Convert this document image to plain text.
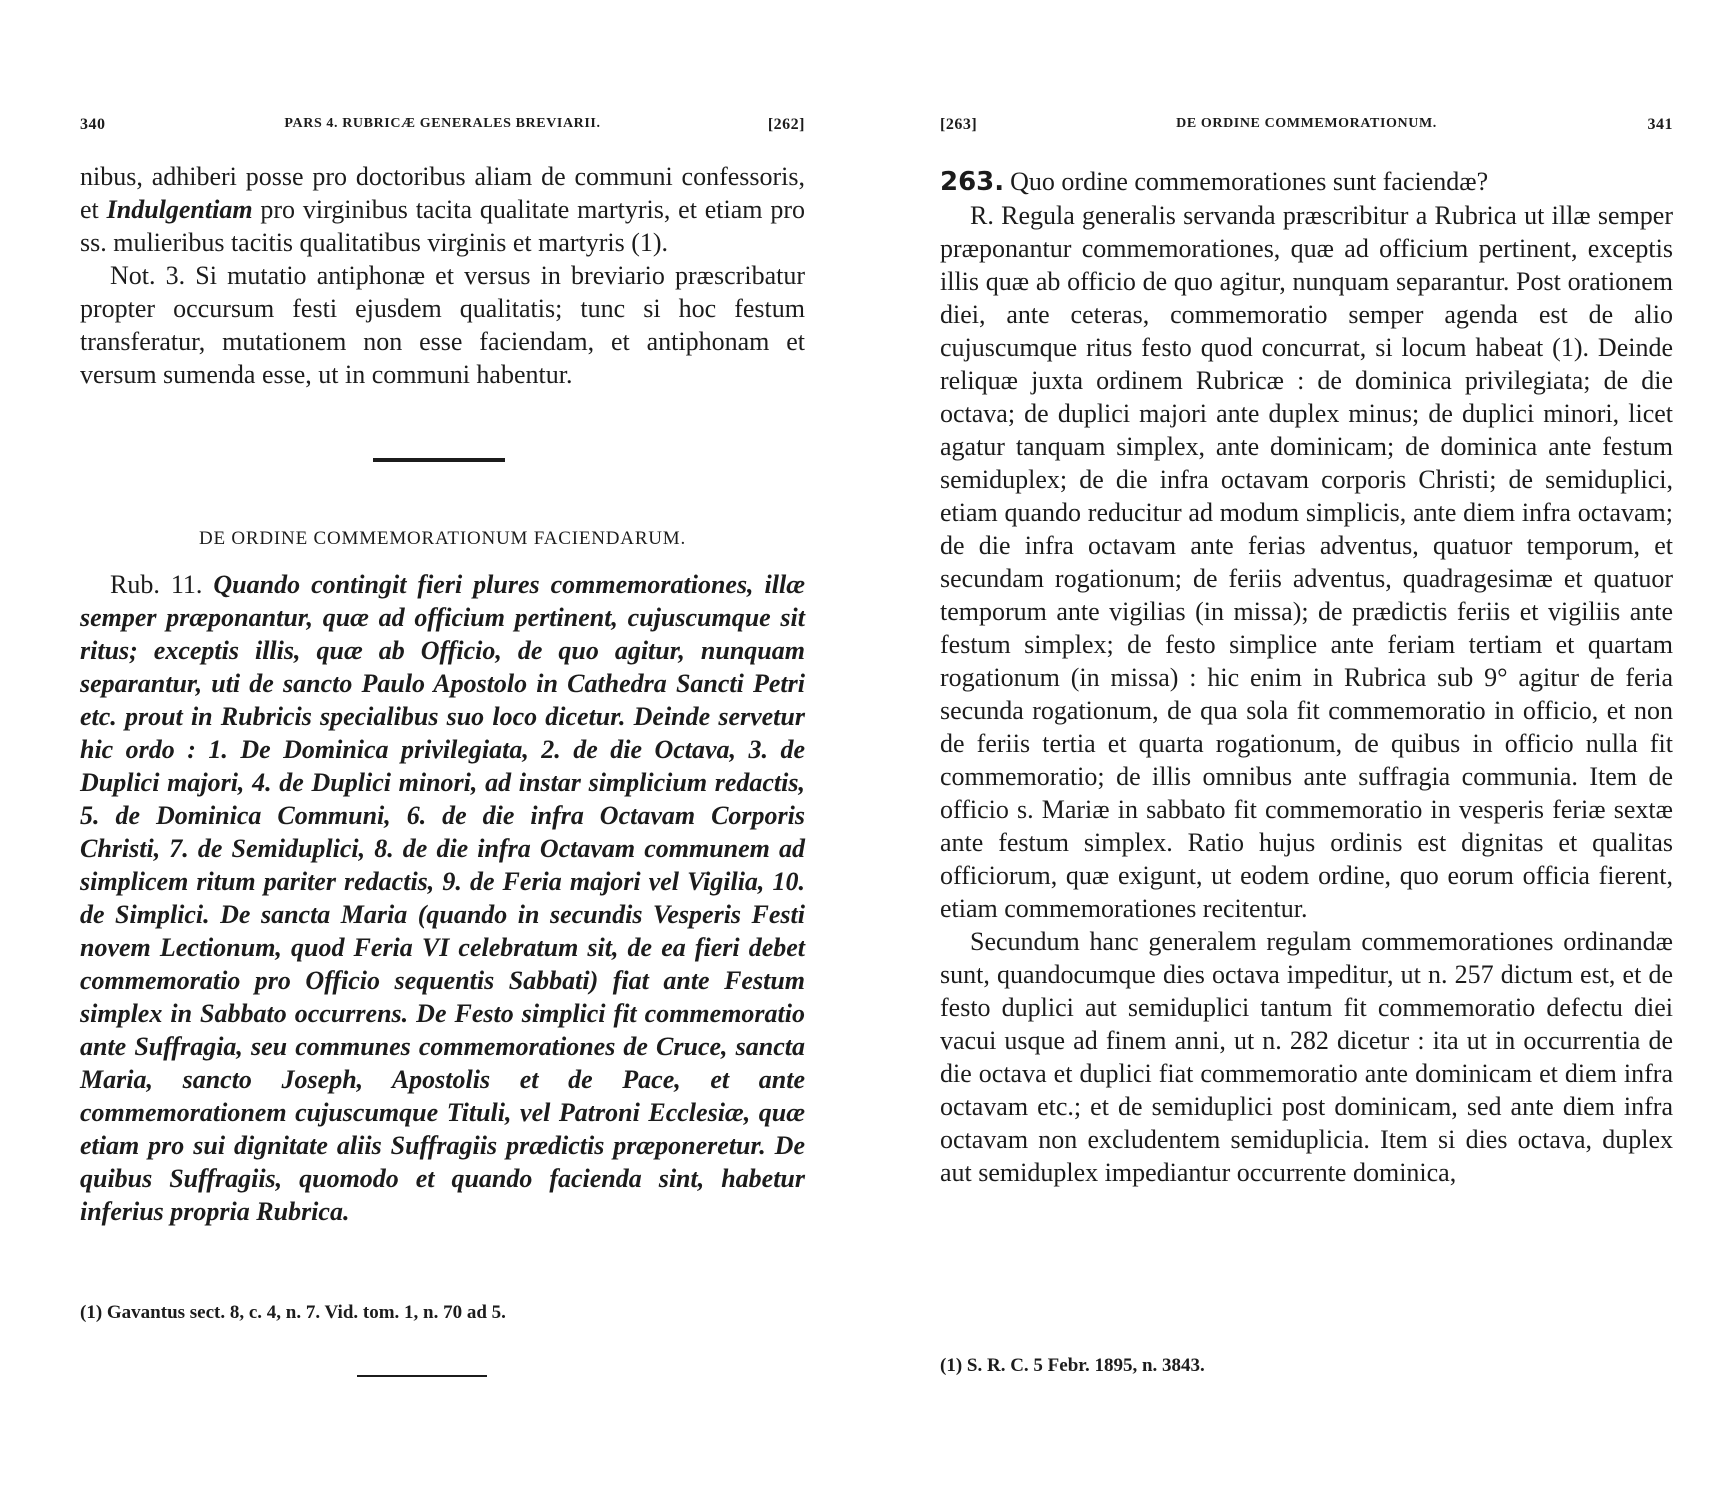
340	PARS 4. RUBRICÆ GENERALES BREVIARII.	[262]

nibus, adhiberi posse pro doctoribus aliam de communi confessoris, et Indulgentiam pro virginibus tacita qualitate martyris, et etiam pro ss. mulieribus tacitis qualitatibus virginis et martyris (1).

Not. 3. Si mutatio antiphonæ et versus in breviario præscribatur propter occursum festi ejusdem qualitatis; tunc si hoc festum transferatur, mutationem non esse faciendam, et antiphonam et versum sumenda esse, ut in communi habentur.

DE ORDINE COMMEMORATIONUM FACIENDARUM.

Rub. 11. Quando contingit fieri plures commemorationes, illæ semper præponantur, quæ ad officium pertinent, cujuscumque sit ritus; exceptis illis, quæ ab Officio, de quo agitur, nunquam separantur, uti de sancto Paulo Apostolo in Cathedra Sancti Petri etc. prout in Rubricis specialibus suo loco dicetur. Deinde servetur hic ordo : 1. De Dominica privilegiata, 2. de die Octava, 3. de Duplici majori, 4. de Duplici minori, ad instar simplicium redactis, 5. de Dominica Communi, 6. de die infra Octavam Corporis Christi, 7. de Semiduplici, 8. de die infra Octavam communem ad simplicem ritum pariter redactis, 9. de Feria majori vel Vigilia, 10. de Simplici. De sancta Maria (quando in secundis Vesperis Festi novem Lectionum, quod Feria VI celebratum sit, de ea fieri debet commemoratio pro Officio sequentis Sabbati) fiat ante Festum simplex in Sabbato occurrens. De Festo simplici fit commemoratio ante Suffragia, seu communes commemorationes de Cruce, sancta Maria, sancto Joseph, Apostolis et de Pace, et ante commemorationem cujuscumque Tituli, vel Patroni Ecclesiæ, quæ etiam pro sui dignitate aliis Suffragiis prædictis præponeretur. De quibus Suffragiis, quomodo et quando facienda sint, habetur inferius propria Rubrica.

(1) Gavantus sect. 8, c. 4, n. 7. Vid. tom. 1, n. 70 ad 5.
[263]	DE ORDINE COMMEMORATIONUM.	341

263. Quo ordine commemorationes sunt faciendæ?

R. Regula generalis servanda præscribitur a Rubrica ut illæ semper præponantur commemorationes, quæ ad officium pertinent, exceptis illis quæ ab officio de quo agitur, nunquam separantur. Post orationem diei, ante ceteras, commemoratio semper agenda est de alio cujuscumque ritus festo quod concurrat, si locum habeat (1). Deinde reliquæ juxta ordinem Rubricæ : de dominica privilegiata; de die octava; de duplici majori ante duplex minus; de duplici minori, licet agatur tanquam simplex, ante dominicam; de dominica ante festum semiduplex; de die infra octavam corporis Christi; de semiduplici, etiam quando reducitur ad modum simplicis, ante diem infra octavam; de die infra octavam ante ferias adventus, quatuor temporum, et secundam rogationum; de feriis adventus, quadragesimæ et quatuor temporum ante vigilias (in missa); de prædictis feriis et vigiliis ante festum simplex; de festo simplice ante feriam tertiam et quartam rogationum (in missa) : hic enim in Rubrica sub 9° agitur de feria secunda rogationum, de qua sola fit commemoratio in officio, et non de feriis tertia et quarta rogationum, de quibus in officio nulla fit commemoratio; de illis omnibus ante suffragia communia. Item de officio s. Mariæ in sabbato fit commemoratio in vesperis feriæ sextæ ante festum simplex. Ratio hujus ordinis est dignitas et qualitas officiorum, quæ exigunt, ut eodem ordine, quo eorum officia fierent, etiam commemorationes recitentur.

Secundum hanc generalem regulam commemorationes ordinandæ sunt, quandocumque dies octava impeditur, ut n. 257 dictum est, et de festo duplici aut semiduplici tantum fit commemoratio defectu diei vacui usque ad finem anni, ut n. 282 dicetur : ita ut in occurrentia de die octava et duplici fiat commemoratio ante dominicam et diem infra octavam etc.; et de semiduplici post dominicam, sed ante diem infra octavam non excludentem semiduplicia. Item si dies octava, duplex aut semiduplex impediantur occurrente dominica,

(1) S. R. C. 5 Febr. 1895, n. 3843.
